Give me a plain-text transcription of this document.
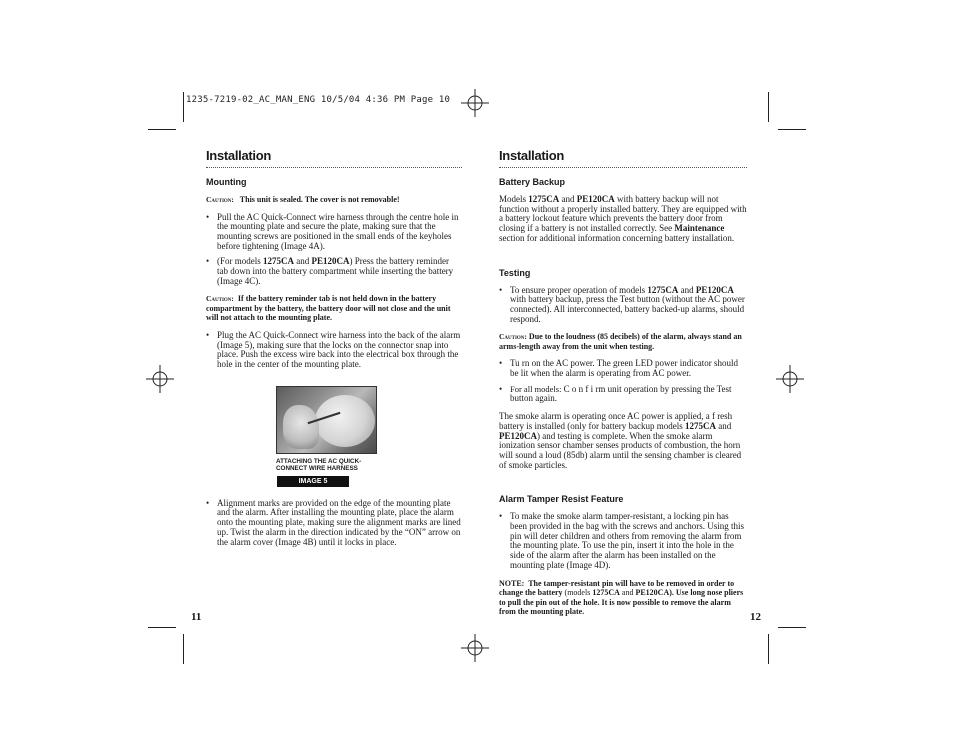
1235-7219-02_AC_MAN_ENG 10/5/04 4:36 PM Page 10
Installation
Mounting
Caution: This unit is sealed. The cover is not removable!
• Pull the AC Quick-Connect wire harness through the centre hole in the mounting plate and secure the plate, making sure that the mounting screws are positioned in the small ends of the keyholes before tightening (Image 4A).
• (For models 1275CA and PE120CA) Press the battery reminder tab down into the battery compartment while inserting the battery (Image 4C).
Caution: If the battery reminder tab is not held down in the battery compartment by the battery, the battery door will not close and the unit will not attach to the mounting plate.
• Plug the AC Quick-Connect wire harness into the back of the alarm (Image 5), making sure that the locks on the connector snap into place. Push the excess wire back into the electrical box through the hole in the center of the mounting plate.
ATTACHING THE AC QUICK-CONNECT WIRE HARNESS
IMAGE 5
• Alignment marks are provided on the edge of the mounting plate and the alarm. After installing the mounting plate, place the alarm onto the mounting plate, making sure the alignment marks are lined up. Twist the alarm in the direction indicated by the “ON” arrow on the alarm cover (Image 4B) until it locks in place.
11
Installation
Battery Backup
Models 1275CA and PE120CA with battery backup will not function without a properly installed battery. They are equipped with a battery lockout feature which prevents the battery door from closing if a battery is not installed correctly. See Maintenance section for additional information concerning battery installation.
Testing
• To ensure proper operation of models 1275CA and PE120CA with battery backup, press the Test button (without the AC power connected). All interconnected, battery backed-up alarms, should respond.
Caution: Due to the loudness (85 decibels) of the alarm, always stand an arms-length away from the unit when testing.
• Tu rn on the AC power. The green LED power indicator should be lit when the alarm is operating from AC power.
• For all models: C o n f i rm unit operation by pressing the Test button again.
The smoke alarm is operating once AC power is applied, a f resh battery is installed (only for battery backup models 1275CA and PE120CA) and testing is complete. When the smoke alarm ionization sensor chamber senses products of combustion, the horn will sound a loud (85db) alarm until the sensing chamber is cleared of smoke particles.
Alarm Tamper Resist Feature
• To make the smoke alarm tamper-resistant, a locking pin has been provided in the bag with the screws and anchors. Using this pin will deter children and others from removing the alarm from the mounting plate. To use the pin, insert it into the hole in the side of the alarm after the alarm has been installed on the mounting plate (Image 4D).
NOTE: The tamper-resistant pin will have to be removed in order to change the battery (models 1275CA and PE120CA). Use long nose pliers to pull the pin out of the hole. It is now possible to remove the alarm from the mounting plate.	12
